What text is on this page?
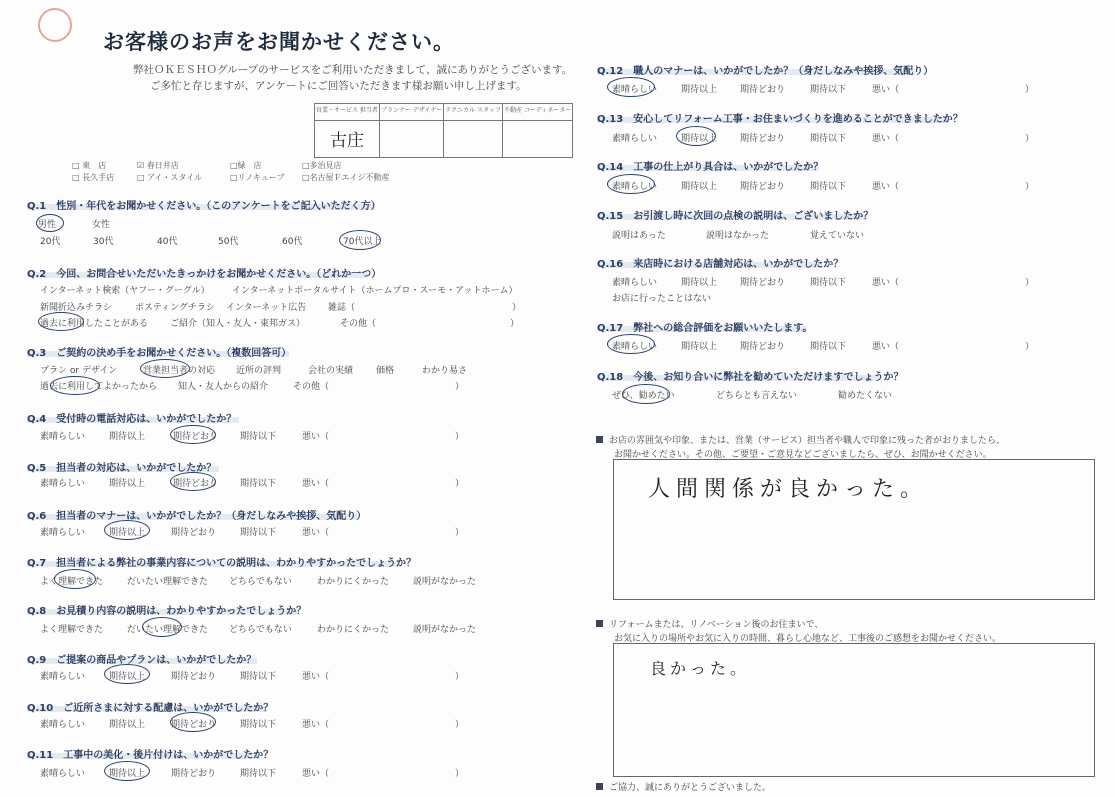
お客様のお声をお聞かせください。
弊社ＯＫＥＳＨＯグループのサービスをご利用いただきまして、誠にありがとうございます。
ご多忙と存じますが、アンケートにご回答いただきます様お願い申し上げます。
営業・サービス 担当者	プランナー デザイナー	テクニカル スタッフ	不動産 コーディネーター

古庄			

□ 東　店	☑ 春日井店	□緑　店	□多治見店
□ 長久手店	□ アイ・スタイル	□リノキューブ □名古屋Ｆエイジ不動産
Q.1　 性別・年代をお聞かせください。（このアンケートをご記入いただく方）
男性	女性
20代	30代	40代	50代	60代	70代以上
Q.2　 今回、お問合せいただいたきっかけをお聞かせください。（どれか一つ）
インターネット検索（ヤフー・グーグル） インターネットポータルサイト（ホームプロ・スーモ・アットホーム）
新聞折込みチラシ	ポスティングチラシ インターネット広告 雑誌（	）
過去に利用したことがある ご紹介（知人・友人・東邦ガス）	その他（	）
Q.3　 ご契約の決め手をお聞かせください。（複数回答可）
プラン or デザイン	営業担当者の対応 近所の評判	会社の実績	価格	わかり易さ
過去に利用してよかったから 知人・友人からの紹介	その他（	）
Q.4　 受付時の電話対応は、いかがでしたか？
素晴らしい	期待以上	期待どおり 期待以下	悪い（	）
Q.5　 担当者の対応は、いかがでしたか？
素晴らしい	期待以上	期待どおり 期待以下	悪い（	）
Q.6　 担当者のマナーは、いかがでしたか？（身だしなみや挨拶、気配り）
素晴らしい	期待以上	期待どおり	期待以下	悪い（	）
Q.7　 担当者による弊社の事業内容についての説明は、わかりやすかったでしょうか？
よく理解できた	だいたい理解できた どちらでもない	わかりにくかった	説明がなかった
Q.8　 お見積り内容の説明は、わかりやすかったでしょうか？
よく理解できた	だいたい理解できた どちらでもない	わかりにくかった	説明がなかった
Q.9　 ご提案の商品やプランは、いかがでしたか？
素晴らしい	期待以上	期待どおり	期待以下	悪い（	）
Q.10　 ご近所さまに対する配慮は、いかがでしたか？
素晴らしい	期待以上	期待どおり	期待以下	悪い（	）
Q.11　 工事中の美化・後片付けは、いかがでしたか？
素晴らしい	期待以上	期待どおり	期待以下	悪い（	）
Q.12　 職人のマナーは、いかがでしたか？（身だしなみや挨拶、気配り）
素晴らしい	期待以上	期待どおり	期待以下	悪い（	）
Q.13　 安心してリフォーム工事・お住まいづくりを進めることができましたか？
素晴らしい	期待以上	期待どおり	期待以下	悪い（	）
Q.14　 工事の仕上がり具合は、いかがでしたか？
素晴らしい	期待以上	期待どおり	期待以下	悪い（	）
Q.15　 お引渡し時に次回の点検の説明は、ございましたか？
説明はあった	説明はなかった	覚えていない
Q.16　 来店時における店舗対応は、いかがでしたか？
素晴らしい	期待以上	期待どおり	期待以下	悪い（	）
お店に行ったことはない
Q.17　 弊社への総合評価をお願いいたします。
素晴らしい	期待以上	期待どおり	期待以下	悪い（	）
Q.18　 今後、お知り合いに弊社を勧めていただけますでしょうか？
ぜひ、勧めたい	どちらとも言えない	勧めたくない
お店の雰囲気や印象、または、営業（サービス）担当者や職人で印象に残った者がおりましたら、
お聞かせください。その他、ご要望・ご意見などございましたら、ぜひ、お聞かせください。
人間関係が良かった。
リフォームまたは、リノベーション後のお住まいで、
お気に入りの場所やお気に入りの時間、暮らし心地など、工事後のご感想をお聞かせください。
良かった。
ご協力、誠にありがとうございました。
